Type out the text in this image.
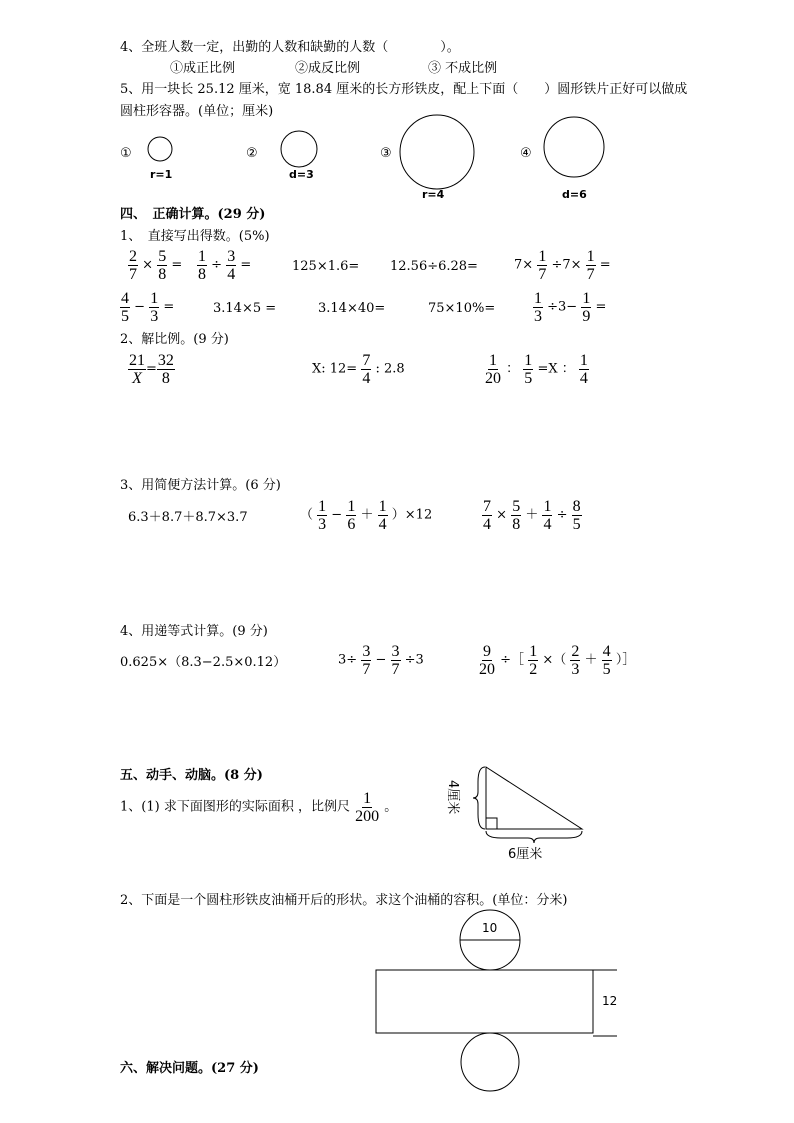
4、全班人数一定，出勤的人数和缺勤的人数（　　　　）。
①成正比例	②成反比例	③ 不成比例
5、用一块长 25.12 厘米，宽 18.84 厘米的长方形铁皮，配上下面（　　）圆形铁片正好可以做成
圆柱形容器。(单位；厘米)
①
r=1
②
d=3
③
r=4
④
d=6
四、　正确计算。(29 分)
1、　直接写出得数。(5%)
$\frac{2}{7} \times \frac{5}{8} = \frac{1}{8} \div \frac{3}{4}$ =	125×1.6= 12.56÷6.28=	$7\times \frac{1}{7} \div 7\times \frac{1}{7}$ =
$\frac{4}{5} - \frac{1}{3}$ =	3.14×5 =	3.14×40=	$75\times 10\%= \frac{1}{3} \div 3- \frac{1}{9}$ =
2、解比例。(9 分)
$\frac{21}{X} = \frac{32}{8}$	X: $12= \frac{7}{4}$ : 2.8	$\frac{1}{20}$ ： $\frac{1}{5} =X$ ： $\frac{1}{4}$
3、用简便方法计算。(6 分)
6.3＋8.7＋8.7×3.7	（ $\frac{1}{3} - \frac{1}{6} + \frac{1}{4} )\times 12$	$\frac{7}{4} \times \frac{5}{8} + \frac{1}{4} \div \frac{8}{5}$
4、用递等式计算。(9 分)
0.625×（8.3−2.5×0.12）	$3\div \frac{3}{7} - \frac{3}{7} \div 3$	$\frac{9}{20}$ ÷［ $\frac{1}{2}$ ×（ $\frac{2}{3} + \frac{4}{5}$ ）］
五、动手、动脑。(8 分)
1、(1) 求下面图形的实际面积 ，比例尺 $\frac{1}{200}$ 。	4厘米
6厘米
2、下面是一个圆柱形铁皮油桶开后的形状。求这个油桶的容积。(单位：分米)
10
12
六、解决问题。(27 分)
